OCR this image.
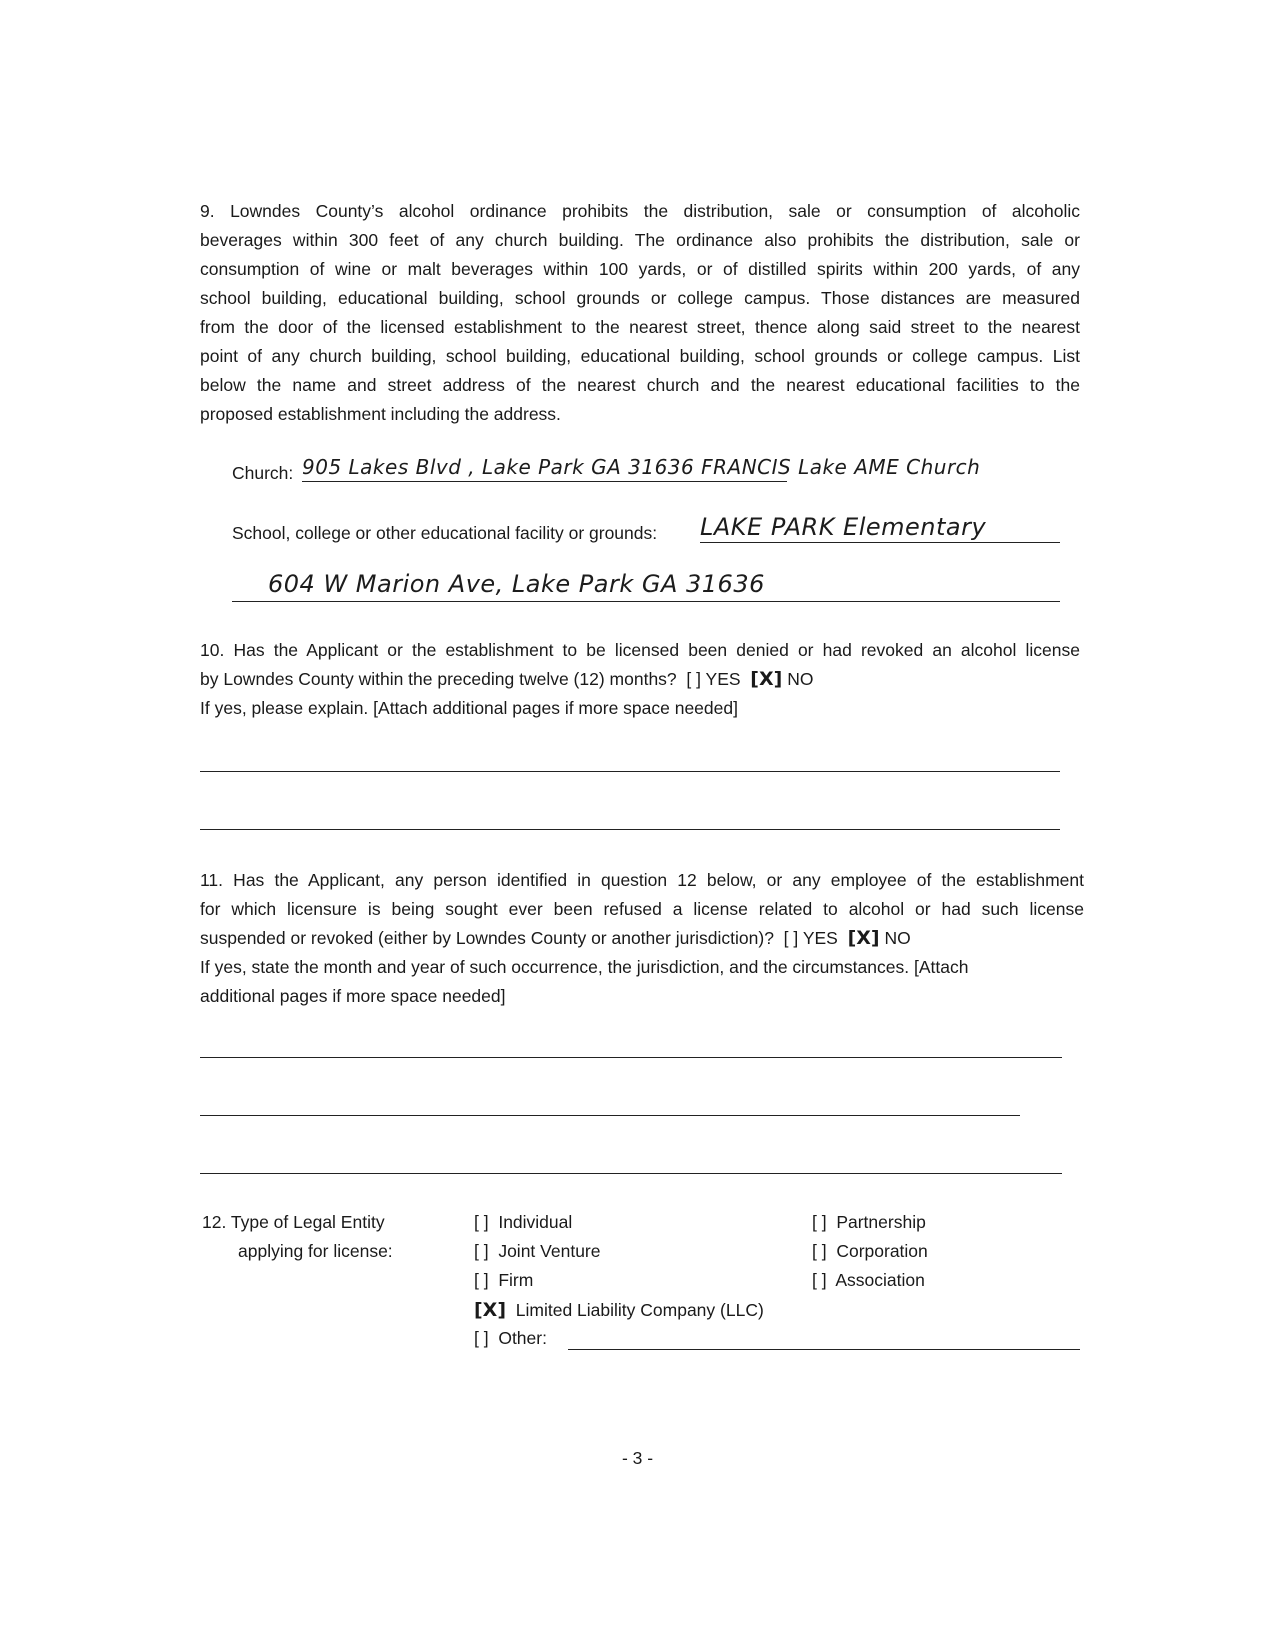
9. Lowndes County’s alcohol ordinance prohibits the distribution, sale or consumption of alcoholic
beverages within 300 feet of any church building. The ordinance also prohibits the distribution, sale or
consumption of wine or malt beverages within 100 yards, or of distilled spirits within 200 yards, of any
school building, educational building, school grounds or college campus. Those distances are measured
from the door of the licensed establishment to the nearest street, thence along said street to the nearest
point of any church building, school building, educational building, school grounds or college campus. List
below the name and street address of the nearest church and the nearest educational facilities to the
proposed establishment including the address.
Church: 905 Lakes Blvd , Lake Park GA 31636 FRANCIS Lake AME Church
School, college or other educational facility or grounds: LAKE PARK Elementary
604 W Marion Ave, Lake Park GA 31636
10. Has the Applicant or the establishment to be licensed been denied or had revoked an alcohol license
by Lowndes County within the preceding twelve (12) months? [ ] YES [X] NO
If yes, please explain. [Attach additional pages if more space needed]
11. Has the Applicant, any person identified in question 12 below, or any employee of the establishment
for which licensure is being sought ever been refused a license related to alcohol or had such license
suspended or revoked (either by Lowndes County or another jurisdiction)? [ ] YES [X] NO
If yes, state the month and year of such occurrence, the jurisdiction, and the circumstances. [Attach
additional pages if more space needed]
12. Type of Legal Entity
applying for license:
[ ] Individual
[ ] Joint Venture
[ ] Firm
[X] Limited Liability Company (LLC)
[ ] Other:
[ ] Partnership
[ ] Corporation
[ ] Association
- 3 -
